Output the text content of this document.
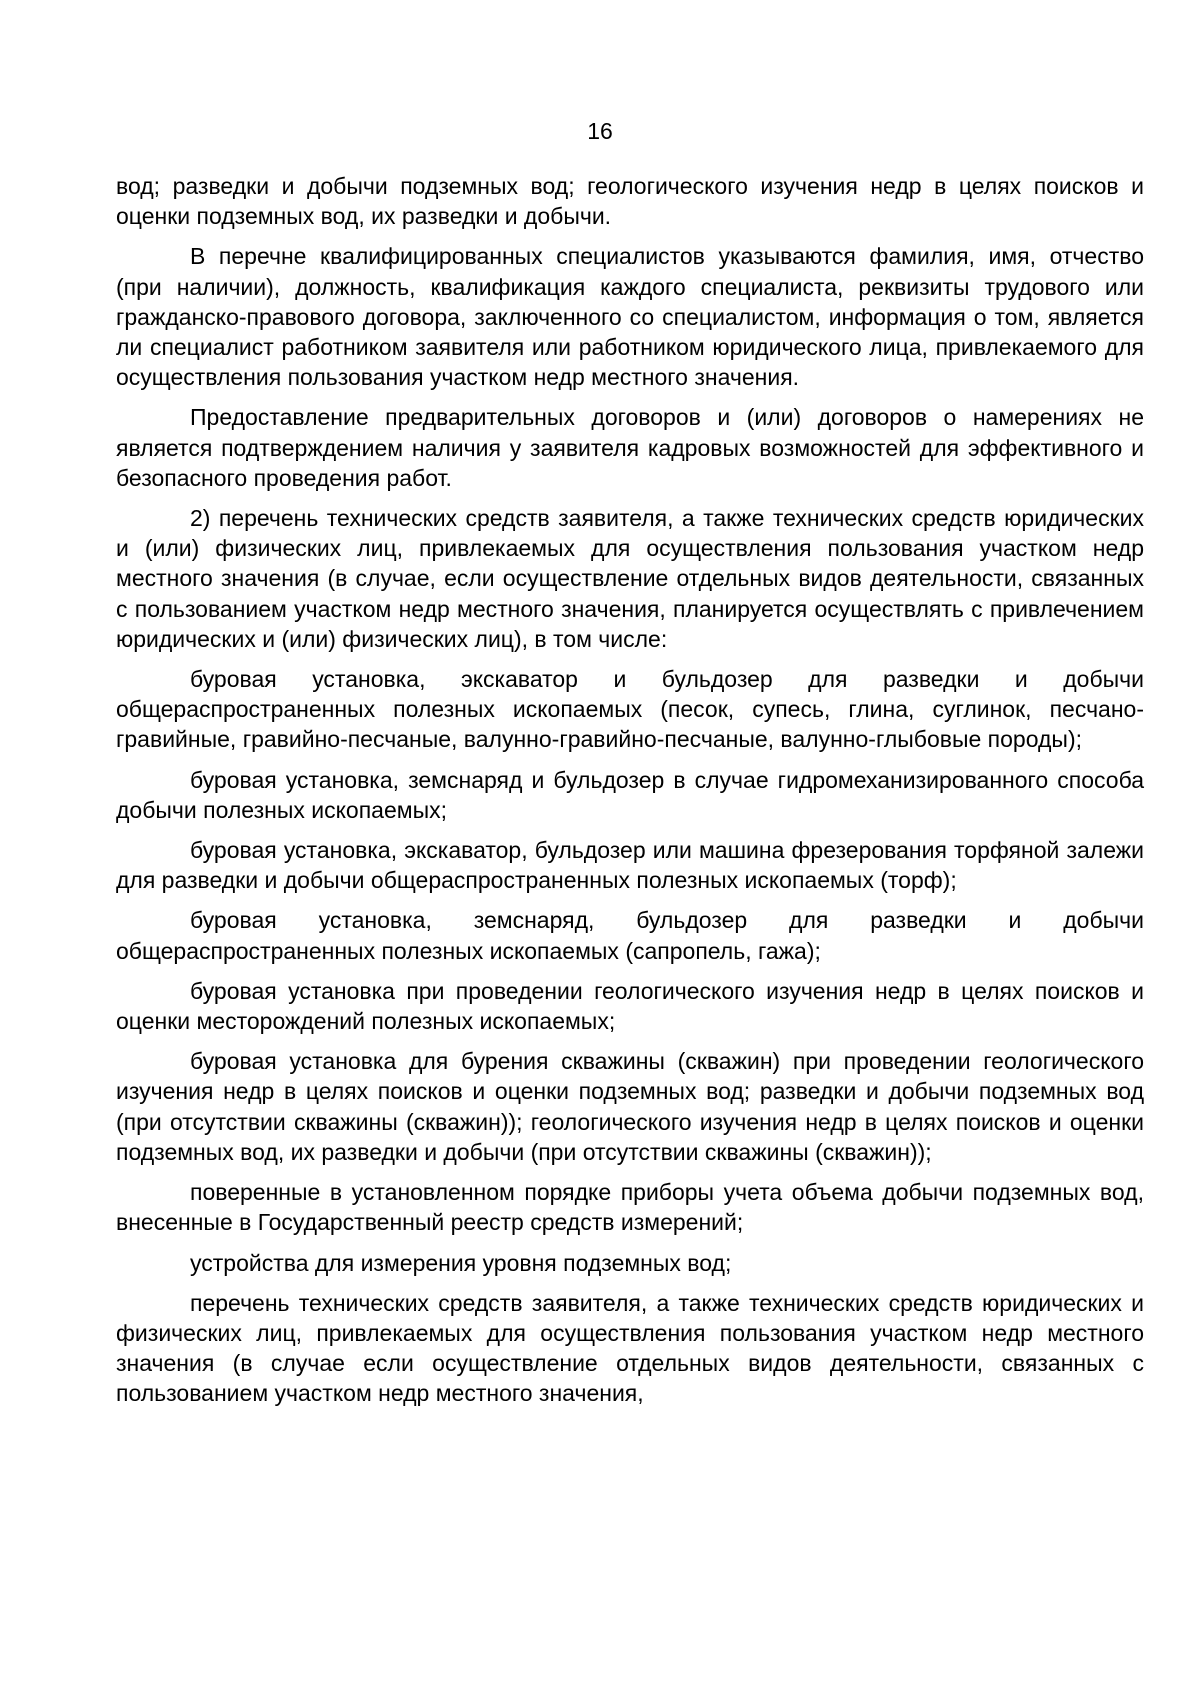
16

вод; разведки и добычи подземных вод; геологического изучения недр в целях поисков и оценки подземных вод, их разведки и добычи.

В перечне квалифицированных специалистов указываются фамилия, имя, отчество (при наличии), должность, квалификация каждого специалиста, реквизиты трудового или гражданско-правового договора, заключенного со специалистом, информация о том, является ли специалист работником заявителя или работником юридического лица, привлекаемого для осуществления пользования участком недр местного значения.

Предоставление предварительных договоров и (или) договоров о намерениях не является подтверждением наличия у заявителя кадровых возможностей для эффективного и безопасного проведения работ.

2) перечень технических средств заявителя, а также технических средств юридических и (или) физических лиц, привлекаемых для осуществления пользования участком недр местного значения (в случае, если осуществление отдельных видов деятельности, связанных с пользованием участком недр местного значения, планируется осуществлять с привлечением юридических и (или) физических лиц), в том числе:

буровая установка, экскаватор и бульдозер для разведки и добычи общераспространенных полезных ископаемых (песок, супесь, глина, суглинок, песчано-гравийные, гравийно-песчаные, валунно-гравийно-песчаные, валунно-глыбовые породы);

буровая установка, земснаряд и бульдозер в случае гидромеханизированного способа добычи полезных ископаемых;

буровая установка, экскаватор, бульдозер или машина фрезерования торфяной залежи для разведки и добычи общераспространенных полезных ископаемых (торф);

буровая установка, земснаряд, бульдозер для разведки и добычи общераспространенных полезных ископаемых (сапропель, гажа);

буровая установка при проведении геологического изучения недр в целях поисков и оценки месторождений полезных ископаемых;

буровая установка для бурения скважины (скважин) при проведении геологического изучения недр в целях поисков и оценки подземных вод; разведки и добычи подземных вод (при отсутствии скважины (скважин)); геологического изучения недр в целях поисков и оценки подземных вод, их разведки и добычи (при отсутствии скважины (скважин));

поверенные в установленном порядке приборы учета объема добычи подземных вод, внесенные в Государственный реестр средств измерений;

устройства для измерения уровня подземных вод;

перечень технических средств заявителя, а также технических средств юридических и физических лиц, привлекаемых для осуществления пользования участком недр местного значения (в случае если осуществление отдельных видов деятельности, связанных с пользованием участком недр местного значения,
